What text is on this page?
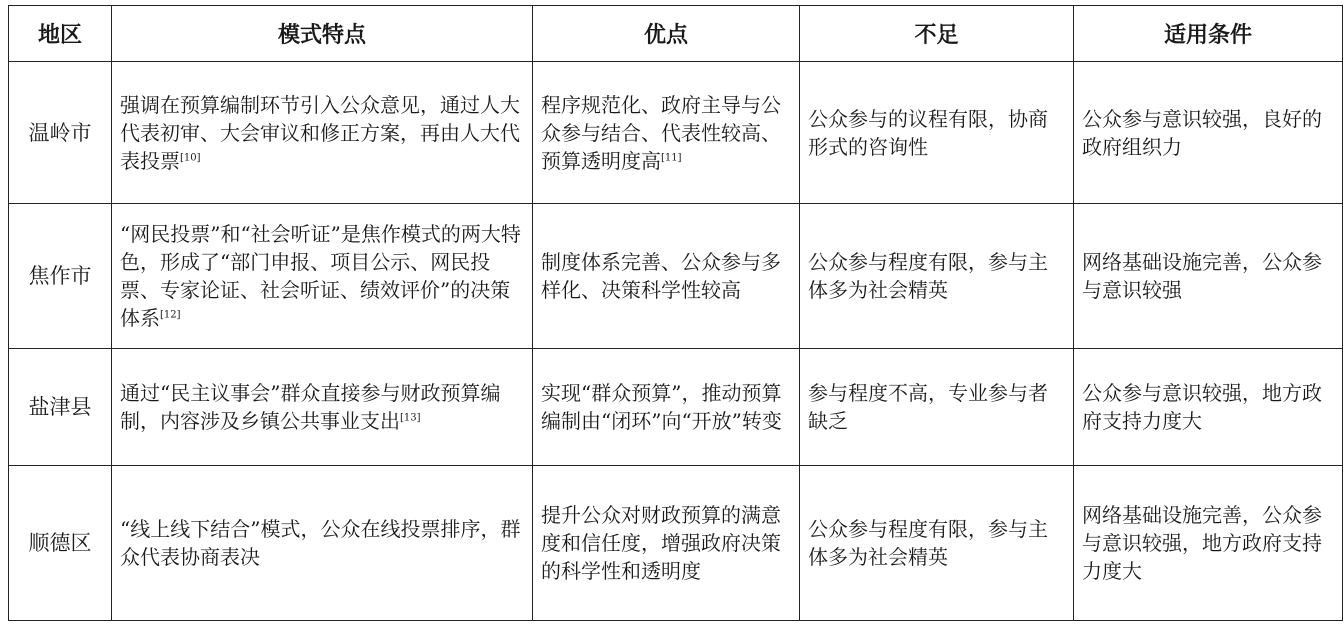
地区	模式特点	优点	不足	适用条件
温岭市	强调在预算编制环节引入公众意见，通过人大代表初审、大会审议和修正方案，再由人大代表投票[10]	程序规范化、政府主导与公众参与结合、代表性较高、预算透明度高[11]	公众参与的议程有限，协商形式的咨询性	公众参与意识较强，良好的政府组织力
焦作市	“网民投票”和“社会听证”是焦作模式的两大特色，形成了“部门申报、项目公示、网民投票、专家论证、社会听证、绩效评价”的决策体系[12]	制度体系完善、公众参与多样化、决策科学性较高	公众参与程度有限，参与主体多为社会精英	网络基础设施完善，公众参与意识较强
盐津县	通过“民主议事会”群众直接参与财政预算编制，内容涉及乡镇公共事业支出[13]	实现“群众预算”，推动预算编制由“闭环”向“开放”转变	参与程度不高，专业参与者缺乏	公众参与意识较强，地方政府支持力度大
顺德区	“线上线下结合”模式，公众在线投票排序，群众代表协商表决	提升公众对财政预算的满意度和信任度，增强政府决策的科学性和透明度	公众参与程度有限，参与主体多为社会精英	网络基础设施完善，公众参与意识较强，地方政府支持力度大
